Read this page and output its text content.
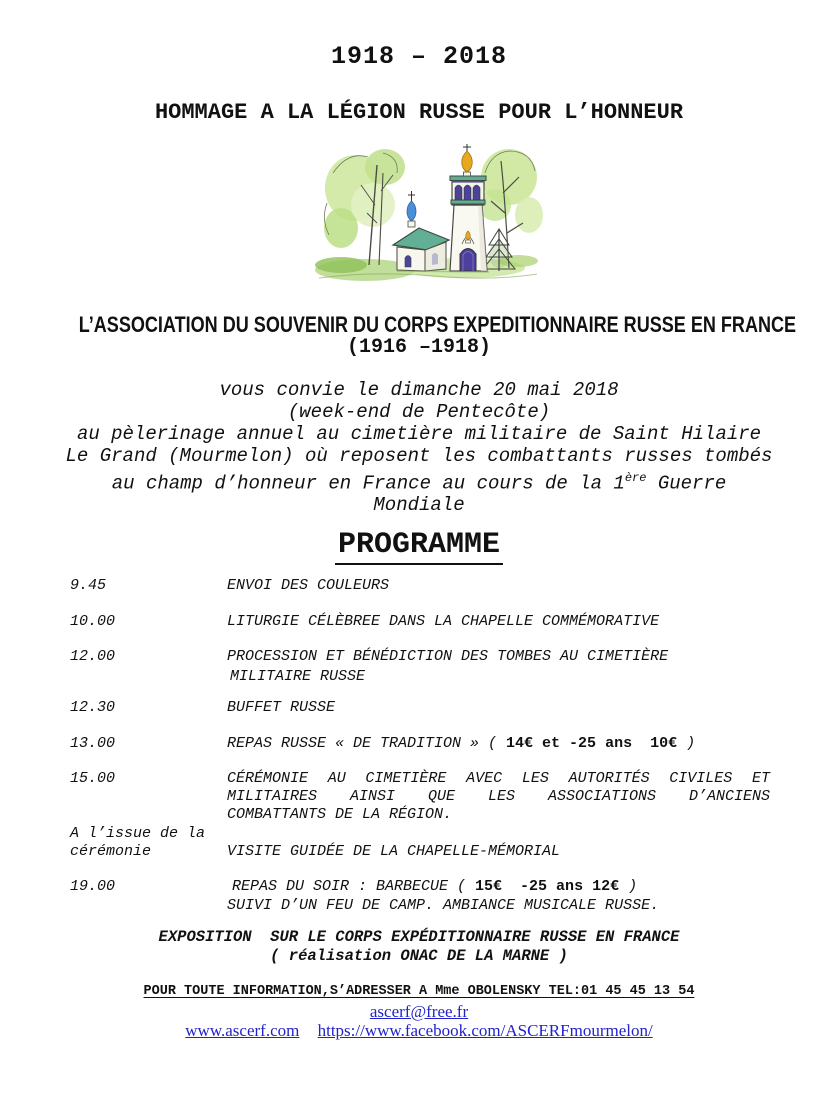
1918 – 2018
HOMMAGE A LA LÉGION RUSSE POUR L’HONNEUR
L’ASSOCIATION DU SOUVENIR DU CORPS EXPEDITIONNAIRE RUSSE EN FRANCE
(1916 –1918)
vous convie le dimanche 20 mai 2018
(week-end de Pentecôte)
au pèlerinage annuel au cimetière militaire de Saint Hilaire
Le Grand (Mourmelon) où reposent les combattants russes tombés
au champ d’honneur en France au cours de la 1ère Guerre
Mondiale
PROGRAMME
9.45	ENVOI DES COULEURS
10.00	LITURGIE CÉLÈBREE DANS LA CHAPELLE COMMÉMORATIVE
12.00	PROCESSION ET BÉNÉDICTION DES TOMBES AU CIMETIÈRE
MILITAIRE RUSSE
12.30	BUFFET RUSSE
13.00	REPAS RUSSE « DE TRADITION » ( 14€ et -25 ans  10€ )
15.00	CÉRÉMONIE AU CIMETIÈRE AVEC LES AUTORITÉS CIVILES ET
MILITAIRES AINSI QUE LES ASSOCIATIONS D’ANCIENS
COMBATTANTS DE LA RÉGION.
A l’issue de la
cérémonie	VISITE GUIDÉE DE LA CHAPELLE-MÉMORIAL
19.00	REPAS DU SOIR : BARBECUE ( 15€  -25 ans 12€ )
SUIVI D’UN FEU DE CAMP. AMBIANCE MUSICALE RUSSE.
EXPOSITION  SUR LE CORPS EXPÉDITIONNAIRE RUSSE EN FRANCE
( réalisation ONAC DE LA MARNE )
POUR TOUTE INFORMATION,S’ADRESSER A Mme OBOLENSKY TEL:01 45 45 13 54
ascerf@free.fr
www.ascerf.com https://www.facebook.com/ASCERFmourmelon/
